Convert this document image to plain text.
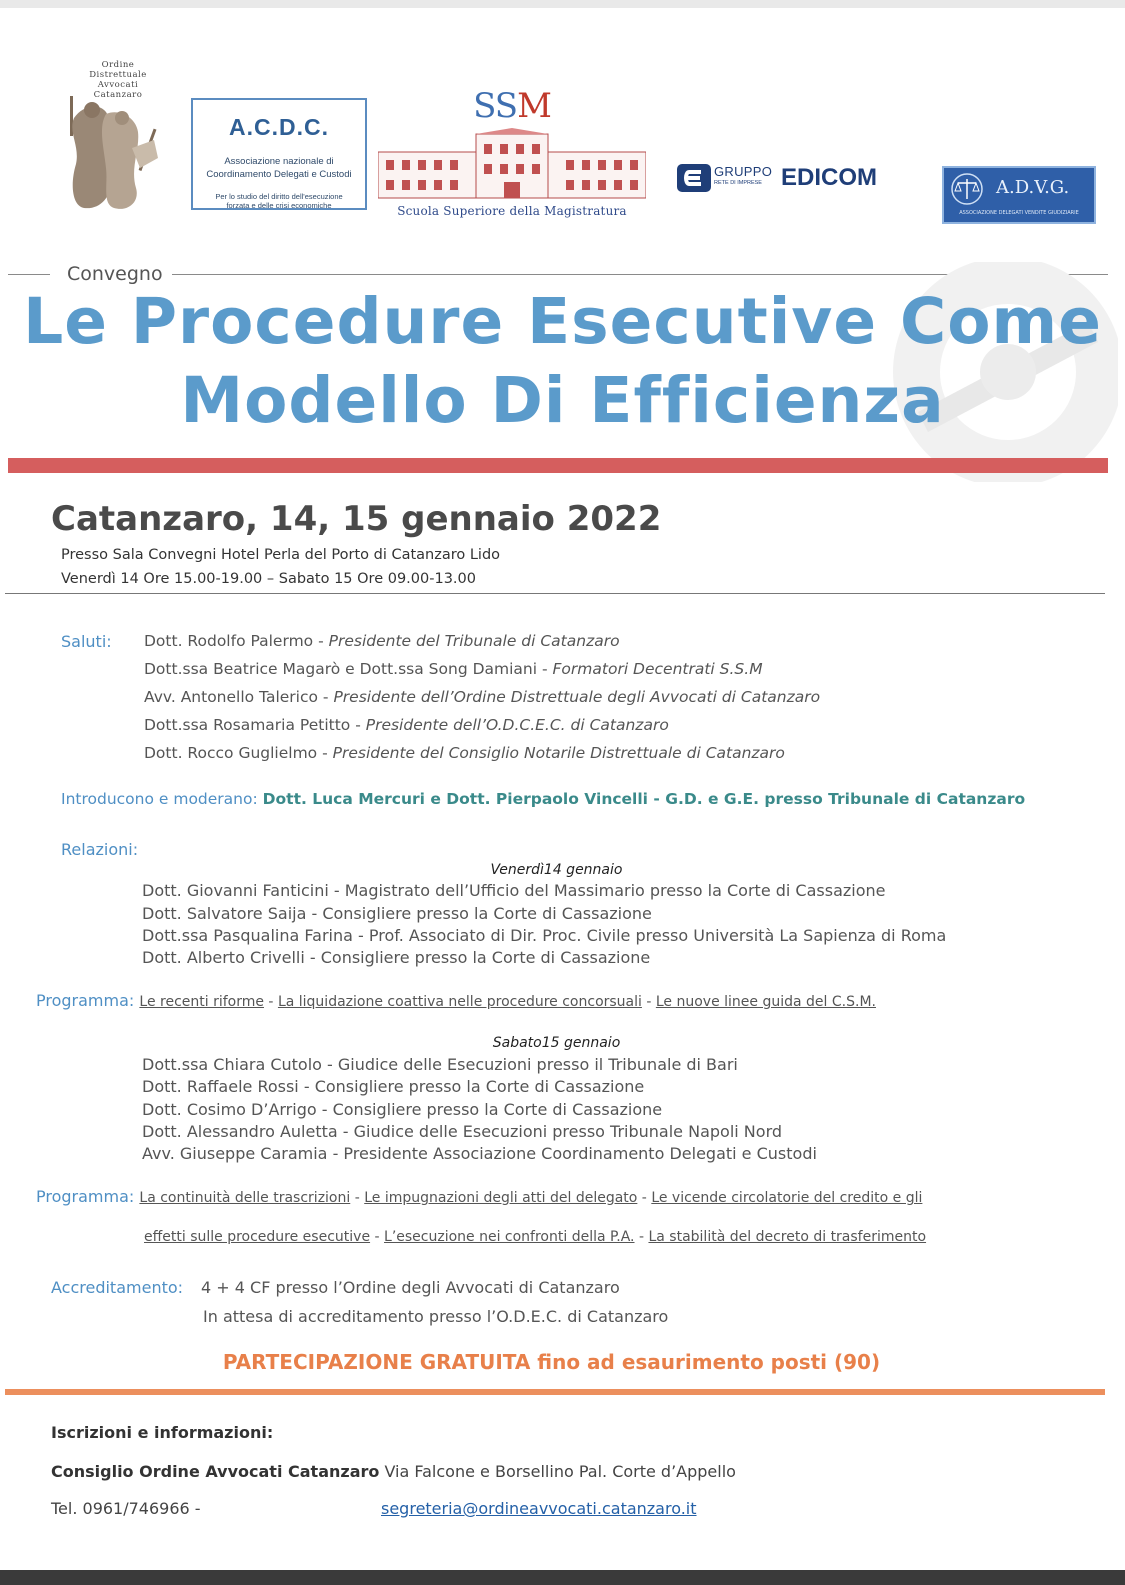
Ordine
Distrettuale
Avvocati
Catanzaro
A.C.D.C.
Associazione nazionale di
Coordinamento Delegati e Custodi
Per lo studio del diritto dell'esecuzione
forzata e delle crisi economiche
SSM
Scuola Superiore della Magistratura
GRUPPO
RETE DI IMPRESE EDICOM	A.D.V.G.
ASSOCIAZIONE DELEGATI VENDITE GIUDIZIARIE
Convegno
Le Procedure Esecutive Come
Modello Di Efficienza
Catanzaro, 14, 15 gennaio 2022
Presso Sala Convegni Hotel Perla del Porto di Catanzaro Lido
Venerdì 14 Ore 15.00-19.00 – Sabato 15 Ore 09.00-13.00
Saluti: Dott. Rodolfo Palermo - Presidente del Tribunale di Catanzaro
Dott.ssa Beatrice Magarò e Dott.ssa Song Damiani - Formatori Decentrati S.S.M
Avv. Antonello Talerico - Presidente dell’Ordine Distrettuale degli Avvocati di Catanzaro
Dott.ssa Rosamaria Petitto - Presidente dell’O.D.C.E.C. di Catanzaro
Dott. Rocco Guglielmo - Presidente del Consiglio Notarile Distrettuale di Catanzaro
Introducono e moderano: Dott. Luca Mercuri e Dott. Pierpaolo Vincelli - G.D. e G.E. presso Tribunale di Catanzaro
Relazioni:
Venerdì14 gennaio
Dott. Giovanni Fanticini - Magistrato dell’Ufficio del Massimario presso la Corte di Cassazione
Dott. Salvatore Saija - Consigliere presso la Corte di Cassazione
Dott.ssa Pasqualina Farina - Prof. Associato di Dir. Proc. Civile presso Università La Sapienza di Roma
Dott. Alberto Crivelli - Consigliere presso la Corte di Cassazione
Programma: Le recenti riforme - La liquidazione coattiva nelle procedure concorsuali - Le nuove linee guida del C.S.M.
Sabato15 gennaio
Dott.ssa Chiara Cutolo - Giudice delle Esecuzioni presso il Tribunale di Bari
Dott. Raffaele Rossi - Consigliere presso la Corte di Cassazione
Dott. Cosimo D’Arrigo - Consigliere presso la Corte di Cassazione
Dott. Alessandro Auletta - Giudice delle Esecuzioni presso Tribunale Napoli Nord
Avv. Giuseppe Caramia - Presidente Associazione Coordinamento Delegati e Custodi
Programma: La continuità delle trascrizioni - Le impugnazioni degli atti del delegato - Le vicende circolatorie del credito e gli
effetti sulle procedure esecutive - L’esecuzione nei confronti della P.A. - La stabilità del decreto di trasferimento
Accreditamento: 4 + 4 CF presso l’Ordine degli Avvocati di Catanzaro
In attesa di accreditamento presso l’O.D.E.C. di Catanzaro
PARTECIPAZIONE GRATUITA fino ad esaurimento posti (90)
Iscrizioni e informazioni:
Consiglio Ordine Avvocati Catanzaro Via Falcone e Borsellino Pal. Corte d’Appello
Tel. 0961/746966 -	segreteria@ordineavvocati.catanzaro.it
